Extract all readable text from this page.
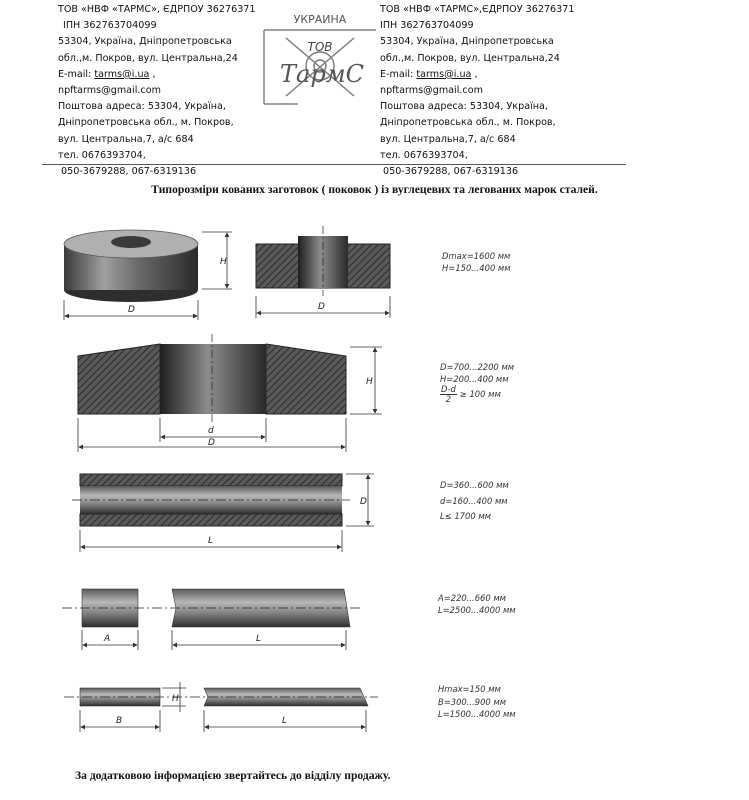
ТОВ «НВФ «ТАРМС», ЄДРПОУ 36276371
ІПН 362763704099
53304, Україна, Дніпропетровська
обл.,м. Покров, вул. Центральна,24
E-mail: tarms@i.ua ,
npftarms@gmail.com
Поштова адреса: 53304, Україна,
Дніпропетровська обл., м. Покров,
вул. Центральна,7, а/с 684
тел. 0676393704,
050-3679288, 067-6319136
УКРАИНА
ТОВ
ТармС
ТОВ «НВФ «ТАРМС»,ЄДРПОУ 36276371
ІПН 362763704099
53304, Україна, Дніпропетровська
обл.,м. Покров, вул. Центральна,24
E-mail: tarms@i.ua ,
npftarms@gmail.com
Поштова адреса: 53304, Україна,
Дніпропетровська обл., м. Покров,
вул. Центральна,7, а/с 684
тел. 0676393704,
050-3679288, 067-6319136
Типорозміри кованих заготовок ( поковок ) із вуглецевих та легованих марок сталей.
H
D	D
H
d
D
D
L
A	L
H
B	L
Dmax=1600 мм
H=150...400 мм
D=700...2200 мм
H=200...400 мм
$\frac{D-d}{2} \ge 100$ мм
D=360...600 мм
d=160...400 мм
L≤ 1700 мм
A=220...660 мм
L=2500...4000 мм
Hmax=150 мм
B=300...900 мм
L=1500...4000 мм
За додатковою інформацією звертайтесь до відділу продажу.
